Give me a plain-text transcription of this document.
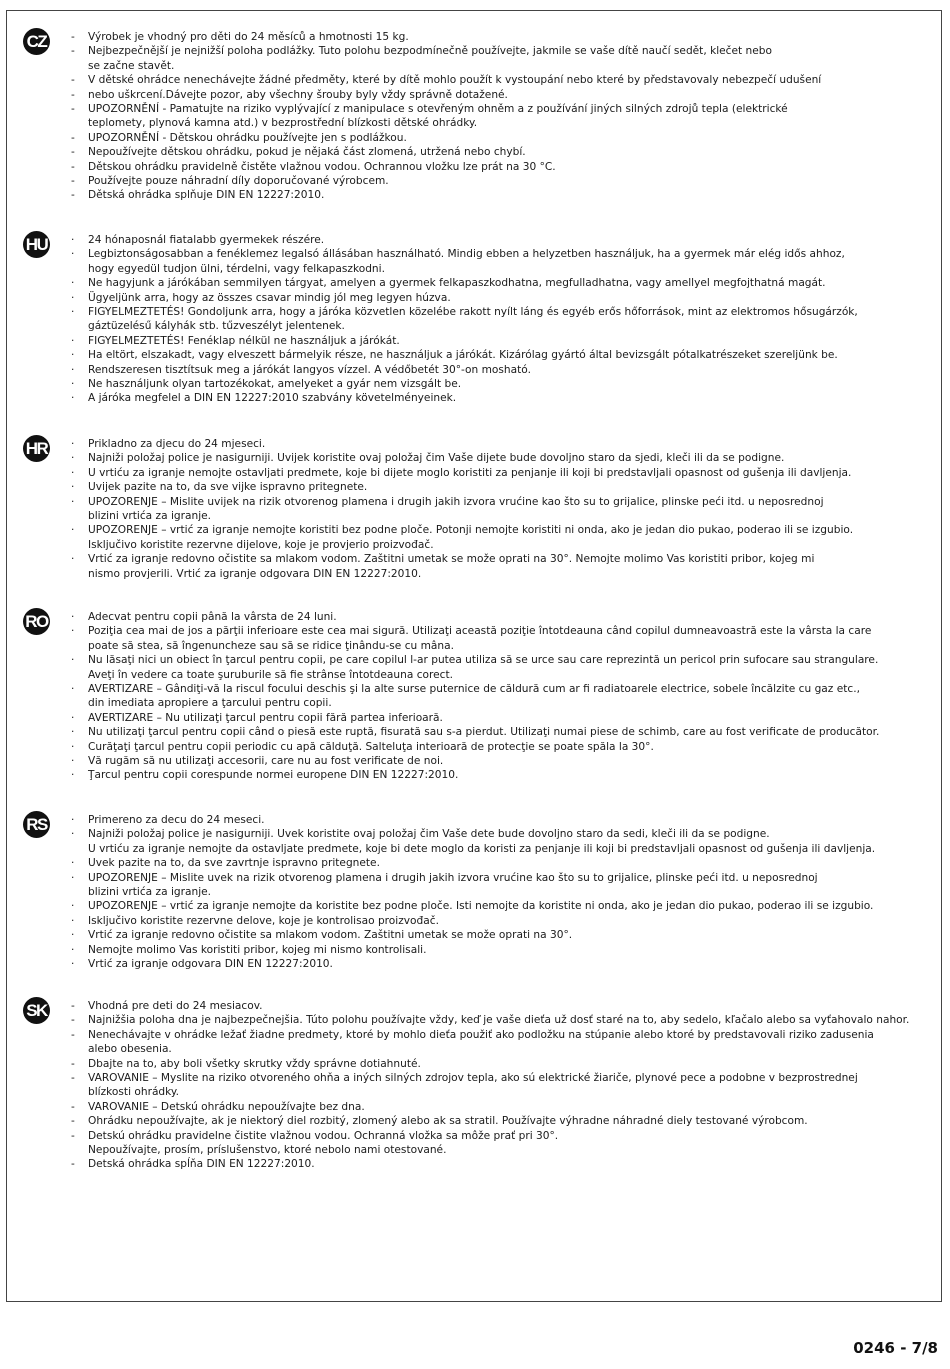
CZ	- Výrobek je vhodný pro děti do 24 měsíců a hmotnosti 15 kg.
- Nejbezpečnější je nejnižší poloha podlážky. Tuto polohu bezpodmínečně používejte, jakmile se vaše dítě naučí sedět, klečet nebo
se začne stavět.
- V dětské ohrádce nenechávejte žádné předměty, které by dítě mohlo použít k vystoupání nebo které by představovaly nebezpečí udušení
- nebo uškrcení.Dávejte pozor, aby všechny šrouby byly vždy správně dotažené.
- UPOZORNĚNÍ - Pamatujte na riziko vyplývající z manipulace s otevřeným ohněm a z používání jiných silných zdrojů tepla (elektrické
teplomety, plynová kamna atd.) v bezprostřední blízkosti dětské ohrádky.
- UPOZORNĚNÍ - Dětskou ohrádku používejte jen s podlážkou.
- Nepoužívejte dětskou ohrádku, pokud je nějaká část zlomená, utržená nebo chybí.
- Dětskou ohrádku pravidelně čistěte vlažnou vodou. Ochrannou vložku lze prát na 30 °C.
- Používejte pouze náhradní díly doporučované výrobcem.
- Dětská ohrádka splňuje DIN EN 12227:2010.
HU · 24 hónaposnál fiatalabb gyermekek részére.
· Legbiztonságosabban a fenéklemez legalsó állásában használható. Mindig ebben a helyzetben használjuk, ha a gyermek már elég idős ahhoz,
hogy egyedül tudjon ülni, térdelni, vagy felkapaszkodni.
· Ne hagyjunk a járókában semmilyen tárgyat, amelyen a gyermek felkapaszkodhatna, megfulladhatna, vagy amellyel megfojthatná magát.
· Ügyeljünk arra, hogy az összes csavar mindig jól meg legyen húzva.
· FIGYELMEZTETÉS! Gondoljunk arra, hogy a járóka közvetlen közelébe rakott nyílt láng és egyéb erős hőforrások, mint az elektromos hősugárzók,
gáztüzelésű kályhák stb. tűzveszélyt jelentenek.
· FIGYELMEZTETÉS! Fenéklap nélkül ne használjuk a járókát.
· Ha eltört, elszakadt, vagy elveszett bármelyik része, ne használjuk a járókát. Kizárólag gyártó által bevizsgált pótalkatrészeket szereljünk be.
· Rendszeresen tisztítsuk meg a járókát langyos vízzel. A védőbetét 30°-on mosható.
· Ne használjunk olyan tartozékokat, amelyeket a gyár nem vizsgált be.
· A járóka megfelel a DIN EN 12227:2010 szabvány követelményeinek.
HR · Prikladno za djecu do 24 mjeseci.
· Najniži položaj police je nasigurniji. Uvijek koristite ovaj položaj čim Vaše dijete bude dovoljno staro da sjedi, kleči ili da se podigne.
· U vrtiću za igranje nemojte ostavljati predmete, koje bi dijete moglo koristiti za penjanje ili koji bi predstavljali opasnost od gušenja ili davljenja.
· Uvijek pazite na to, da sve vijke ispravno pritegnete.
· UPOZORENJE – Mislite uvijek na rizik otvorenog plamena i drugih jakih izvora vrućine kao što su to grijalice, plinske peći itd. u neposrednoj
blizini vrtića za igranje.
· UPOZORENJE – vrtić za igranje nemojte koristiti bez podne ploče. Potonji nemojte koristiti ni onda, ako je jedan dio pukao, poderao ili se izgubio.
Isključivo koristite rezervne dijelove, koje je provjerio proizvođač.
· Vrtić za igranje redovno očistite sa mlakom vodom. Zaštitni umetak se može oprati na 30°. Nemojte molimo Vas koristiti pribor, kojeg mi
nismo provjerili. Vrtić za igranje odgovara DIN EN 12227:2010.
RO · Adecvat pentru copii până la vârsta de 24 luni.
· Poziţia cea mai de jos a părţii inferioare este cea mai sigură. Utilizaţi această poziţie întotdeauna când copilul dumneavoastră este la vârsta la care
poate să stea, să îngenuncheze sau să se ridice ţinându-se cu mâna.
· Nu lăsaţi nici un obiect în ţarcul pentru copii, pe care copilul l-ar putea utiliza să se urce sau care reprezintă un pericol prin sufocare sau strangulare.
Aveţi în vedere ca toate şuruburile să fie strânse întotdeauna corect.
· AVERTIZARE – Gândiţi-vă la riscul focului deschis şi la alte surse puternice de căldură cum ar fi radiatoarele electrice, sobele încălzite cu gaz etc.,
din imediata apropiere a ţarcului pentru copii.
· AVERTIZARE – Nu utilizaţi ţarcul pentru copii fără partea inferioară.
· Nu utilizaţi ţarcul pentru copii când o piesă este ruptă, fisurată sau s-a pierdut. Utilizaţi numai piese de schimb, care au fost verificate de producător.
· Curăţaţi ţarcul pentru copii periodic cu apă călduţă. Salteluţa interioară de protecţie se poate spăla la 30°.
· Vă rugăm să nu utilizaţi accesorii, care nu au fost verificate de noi.
· Ţarcul pentru copii corespunde normei europene DIN EN 12227:2010.
RS	· Primereno za decu do 24 meseci.
· Najniži položaj police je nasigurniji. Uvek koristite ovaj položaj čim Vaše dete bude dovoljno staro da sedi, kleči ili da se podigne.
U vrtiću za igranje nemojte da ostavljate predmete, koje bi dete moglo da koristi za penjanje ili koji bi predstavljali opasnost od gušenja ili davljenja.
· Uvek pazite na to, da sve zavrtnje ispravno pritegnete.
· UPOZORENJE – Mislite uvek na rizik otvorenog plamena i drugih jakih izvora vrućine kao što su to grijalice, plinske peći itd. u neposrednoj
blizini vrtića za igranje.
· UPOZORENJE – vrtić za igranje nemojte da koristite bez podne ploče. Isti nemojte da koristite ni onda, ako je jedan dio pukao, poderao ili se izgubio.
· Isključivo koristite rezervne delove, koje je kontrolisao proizvođač.
· Vrtić za igranje redovno očistite sa mlakom vodom. Zaštitni umetak se može oprati na 30°.
· Nemojte molimo Vas koristiti pribor, kojeg mi nismo kontrolisali.
· Vrtić za igranje odgovara DIN EN 12227:2010.
SK	- Vhodná pre deti do 24 mesiacov.
- Najnižšia poloha dna je najbezpečnejšia. Túto polohu používajte vždy, keď je vaše dieťa už dosť staré na to, aby sedelo, kľačalo alebo sa vyťahovalo nahor.
- Nenechávajte v ohrádke ležať žiadne predmety, ktoré by mohlo dieťa použiť ako podložku na stúpanie alebo ktoré by predstavovali riziko zadusenia
alebo obesenia.
- Dbajte na to, aby boli všetky skrutky vždy správne dotiahnuté.
- VAROVANIE – Myslite na riziko otvoreného ohňa a iných silných zdrojov tepla, ako sú elektrické žiariče, plynové pece a podobne v bezprostrednej
blízkosti ohrádky.
- VAROVANIE – Detskú ohrádku nepoužívajte bez dna.
- Ohrádku nepoužívajte, ak je niektorý diel rozbitý, zlomený alebo ak sa stratil. Používajte výhradne náhradné diely testované výrobcom.
- Detskú ohrádku pravidelne čistite vlažnou vodou. Ochranná vložka sa môže prať pri 30°.
Nepoužívajte, prosím, príslušenstvo, ktoré nebolo nami otestované.
- Detská ohrádka spĺňa DIN EN 12227:2010.
0246 - 7/8
